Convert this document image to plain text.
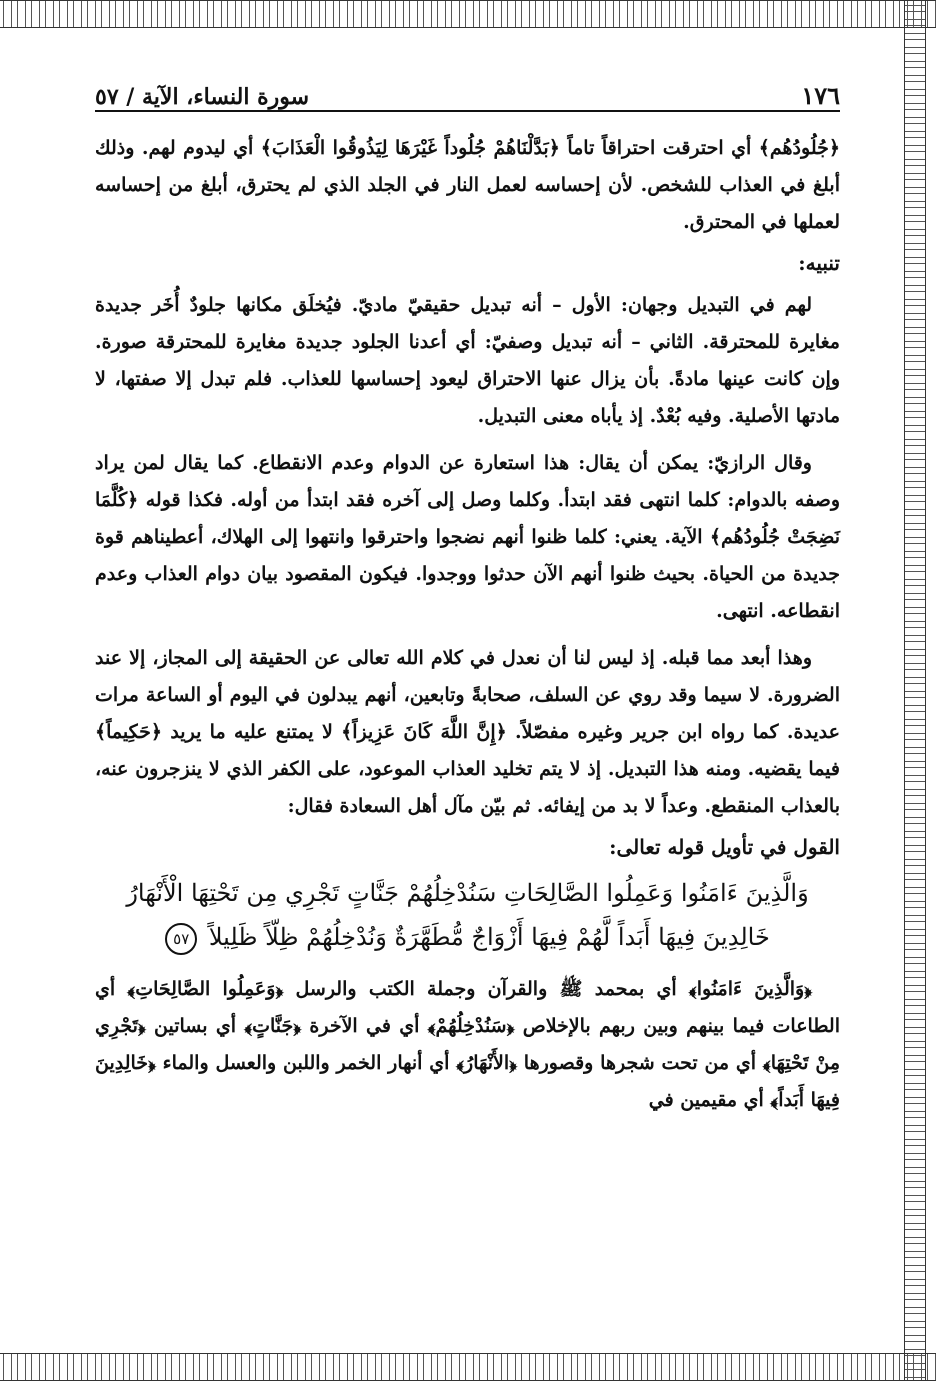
١٧٦
سورة النساء، الآية / ٥٧

﴿جُلُودُهُم﴾ أي احترقت احتراقاً تاماً ﴿بَدَّلْنَاهُمْ جُلُوداً غَيْرَهَا لِيَذُوقُوا الْعَذَابَ﴾ أي ليدوم لهم. وذلك أبلغ في العذاب للشخص. لأن إحساسه لعمل النار في الجلد الذي لم يحترق، أبلغ من إحساسه لعملها في المحترق.

تنبيه:

لهم في التبديل وجهان: الأول – أنه تبديل حقيقيّ ماديّ. فيُخلَق مكانها جلودٌ أُخَر جديدة مغايرة للمحترقة. الثاني – أنه تبديل وصفيّ: أي أعدنا الجلود جديدة مغايرة للمحترقة صورة. وإن كانت عينها مادةً. بأن يزال عنها الاحتراق ليعود إحساسها للعذاب. فلم تبدل إلا صفتها، لا مادتها الأصلية. وفيه بُعْدٌ. إذ يأباه معنى التبديل.

وقال الرازيّ: يمكن أن يقال: هذا استعارة عن الدوام وعدم الانقطاع. كما يقال لمن يراد وصفه بالدوام: كلما انتهى فقد ابتدأ. وكلما وصل إلى آخره فقد ابتدأ من أوله. فكذا قوله ﴿كُلَّمَا نَضِجَتْ جُلُودُهُم﴾ الآية. يعني: كلما ظنوا أنهم نضجوا واحترقوا وانتهوا إلى الهلاك، أعطيناهم قوة جديدة من الحياة. بحيث ظنوا أنهم الآن حدثوا ووجدوا. فيكون المقصود بيان دوام العذاب وعدم انقطاعه. انتهى.

وهذا أبعد مما قبله. إذ ليس لنا أن نعدل في كلام الله تعالى عن الحقيقة إلى المجاز، إلا عند الضرورة. لا سيما وقد روي عن السلف، صحابةً وتابعين، أنهم يبدلون في اليوم أو الساعة مرات عديدة. كما رواه ابن جرير وغيره مفصّلاً. ﴿إِنَّ اللَّهَ كَانَ عَزِيزاً﴾ لا يمتنع عليه ما يريد ﴿حَكِيماً﴾ فيما يقضيه. ومنه هذا التبديل. إذ لا يتم تخليد العذاب الموعود، على الكفر الذي لا ينزجرون عنه، بالعذاب المنقطع. وعداً لا بد من إيفائه. ثم بيّن مآل أهل السعادة فقال:

القول في تأويل قوله تعالى:
وَالَّذِينَ ءَامَنُوا وَعَمِلُوا الصَّالِحَاتِ سَنُدْخِلُهُمْ جَنَّاتٍ تَجْرِي مِن تَحْتِهَا الْأَنْهَارُ
خَالِدِينَ فِيهَا أَبَداً لَّهُمْ فِيهَا أَزْوَاجٌ مُّطَهَّرَةٌ وَنُدْخِلُهُمْ ظِلّاً ظَلِيلاً ٥٧

﴿وَالَّذِينَ ءَامَنُوا﴾ أي بمحمد ﷺ والقرآن وجملة الكتب والرسل ﴿وَعَمِلُوا الصَّالِحَاتِ﴾ أي الطاعات فيما بينهم وبين ربهم بالإخلاص ﴿سَنُدْخِلُهُمْ﴾ أي في الآخرة ﴿جَنَّاتٍ﴾ أي بساتين ﴿تَجْرِي مِنْ تَحْتِهَا﴾ أي من تحت شجرها وقصورها ﴿الأَنْهَارُ﴾ أي أنهار الخمر واللبن والعسل والماء ﴿خَالِدِينَ فِيهَا أَبَداً﴾ أي مقيمين في
